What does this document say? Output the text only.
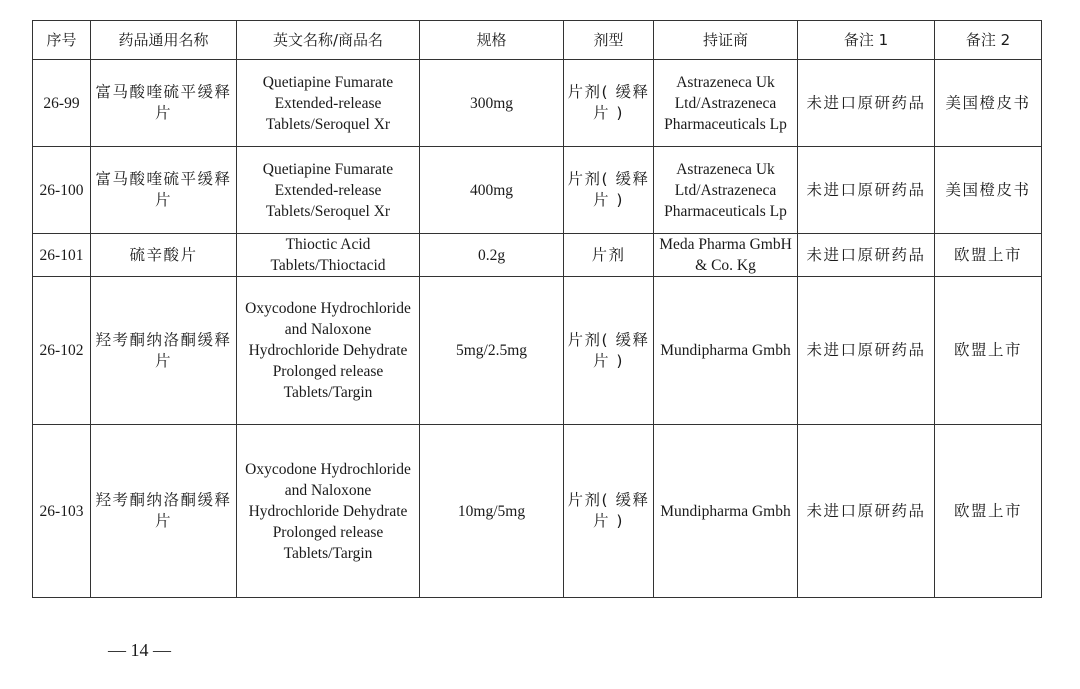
序号	药品通用名称	英文名称/商品名	规格	剂型	持证商	备注 1	备注 2
26-99	富马酸喹硫平缓释片	Quetiapine Fumarate Extended-release Tablets/Seroquel Xr	300mg	片剂( 缓释片 )	Astrazeneca Uk Ltd/Astrazeneca Pharmaceuticals Lp	未进口原研药品	美国橙皮书
26-100	富马酸喹硫平缓释片	Quetiapine Fumarate Extended-release Tablets/Seroquel Xr	400mg	片剂( 缓释片 )	Astrazeneca Uk Ltd/Astrazeneca Pharmaceuticals Lp	未进口原研药品	美国橙皮书
26-101	硫辛酸片	Thioctic Acid Tablets/Thioctacid	0.2g	片剂	Meda Pharma GmbH & Co. Kg	未进口原研药品	欧盟上市
26-102	羟考酮纳洛酮缓释片	Oxycodone Hydrochloride and Naloxone Hydrochloride Dehydrate Prolonged release Tablets/Targin	5mg/2.5mg	片剂( 缓释片 )	Mundipharma Gmbh	未进口原研药品	欧盟上市
26-103	羟考酮纳洛酮缓释片	Oxycodone Hydrochloride and Naloxone Hydrochloride Dehydrate Prolonged release Tablets/Targin	10mg/5mg	片剂( 缓释片 )	Mundipharma Gmbh	未进口原研药品	欧盟上市
— 14 —
